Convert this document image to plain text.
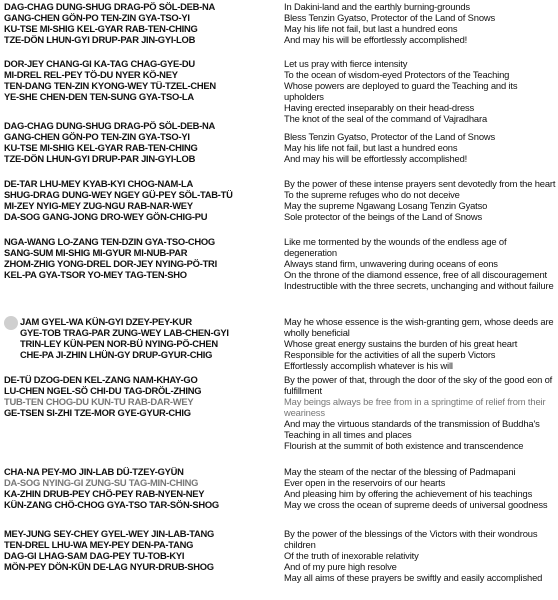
DAG-CHAG DUNG-SHUG DRAG-PÖ SÖL-DEB-NA
GANG-CHEN GÖN-PO TEN-ZIN GYA-TSO-YI
KU-TSE MI-SHIG KEL-GYAR RAB-TEN-CHING
TZE-DÖN LHUN-GYI DRUP-PAR JIN-GYI-LOB
In Dakini-land and the earthly burning-grounds
Bless Tenzin Gyatso, Protector of the Land of Snows
May his life not fail, but last a hundred eons
And may his will be effortlessly accomplished!
DOR-JEY CHANG-GI KA-TAG CHAG-GYE-DU
MI-DREL REL-PEY TÖ-DU NYER KÖ-NEY
TEN-DANG TEN-ZIN KYONG-WEY TÜ-TZEL-CHEN
YE-SHE CHEN-DEN TEN-SUNG GYA-TSO-LA
Let us pray with fierce intensity
To the ocean of wisdom-eyed Protectors of the Teaching
Whose powers are deployed to guard the Teaching and its upholders
Having erected inseparably on their head-dress
The knot of the seal of the command of Vajradhara
DAG-CHAG DUNG-SHUG DRAG-PÖ SÖL-DEB-NA
GANG-CHEN GÖN-PO TEN-ZIN GYA-TSO-YI
KU-TSE MI-SHIG KEL-GYAR RAB-TEN-CHING
TZE-DÖN LHUN-GYI DRUP-PAR JIN-GYI-LOB
Bless Tenzin Gyatso, Protector of the Land of Snows
May his life not fail, but last a hundred eons
And may his will be effortlessly accomplished!
DE-TAR LHU-MEY KYAB-KYI CHOG-NAM-LA
SHUG-DRAG DUNG-WEY NGEY GÜ-PEY SÖL-TAB-TÜ
MI-ZEY NYIG-MEY ZUG-NGU RAB-NAR-WEY
DA-SOG GANG-JONG DRO-WEY GÖN-CHIG-PU
By the power of these intense prayers sent devotedly from the heart
To the supreme refuges who do not deceive
May the supreme Ngawang Losang Tenzin Gyatso
Sole protector of the beings of the Land of Snows
NGA-WANG LO-ZANG TEN-DZIN GYA-TSO-CHOG
SANG-SUM MI-SHIG MI-GYUR MI-NUB-PAR
ZHOM-ZHIG YONG-DREL DOR-JEY NYING-PÖ-TRI
KEL-PA GYA-TSOR YO-MEY TAG-TEN-SHO
Like me tormented by the wounds of the endless age of degeneration
Always stand firm, unwavering during oceans of eons
On the throne of the diamond essence, free of all discouragement
Indestructible with the three secrets, unchanging and without failure
JAM GYEL-WA KÜN-GYI DZEY-PEY-KUR
GYE-TOB TRAG-PAR ZUNG-WEY LAB-CHEN-GYI
TRIN-LEY KÜN-PEN NOR-BÜ NYING-PÖ-CHEN
CHE-PA JI-ZHIN LHÜN-GY DRUP-GYUR-CHIG
May he whose essence is the wish-granting gem, whose deeds are wholly beneficial
Whose great energy sustains the burden of his great heart
Responsible for the activities of all the superb Victors
Effortlessly accomplish whatever is his will
DE-TÜ DZOG-DEN KEL-ZANG NAM-KHAY-GO
LU-CHEN NGEL-SÖ CHI-DU TAG-DRÖL-ZHING
TUB-TEN CHOG-DU KUN-TU RAB-DAR-WEY
GE-TSEN SI-ZHI TZE-MOR GYE-GYUR-CHIG
By the power of that, through the door of the sky of the good eon of fulfillment
May beings always be free from in a springtime of relief from their weariness
And may the virtuous standards of the transmission of Buddha's Teaching in all times and places
Flourish at the summit of both existence and transcendence
CHA-NA PEY-MO JIN-LAB DÜ-TZEY-GYÜN
DA-SOG NYING-GI ZUNG-SU TAG-MIN-CHING
KA-ZHIN DRUB-PEY CHÖ-PEY RAB-NYEN-NEY
KÜN-ZANG CHÖ-CHOG GYA-TSO TAR-SÖN-SHOG
May the steam of the nectar of the blessing of Padmapani
Ever open in the reservoirs of our hearts
And pleasing him by offering the achievement of his teachings
May we cross the ocean of supreme deeds of universal goodness
MEY-JUNG SEY-CHEY GYEL-WEY JIN-LAB-TANG
TEN-DREL LHU-WA MEY-PEY DEN-PA-TANG
DAG-GI LHAG-SAM DAG-PEY TU-TOB-KYI
MÖN-PEY DÖN-KÜN DE-LAG NYUR-DRUB-SHOG
By the power of the blessings of the Victors with their wondrous children
Of the truth of inexorable relativity
And of my pure high resolve
May all aims of these prayers be swiftly and easily accomplished
